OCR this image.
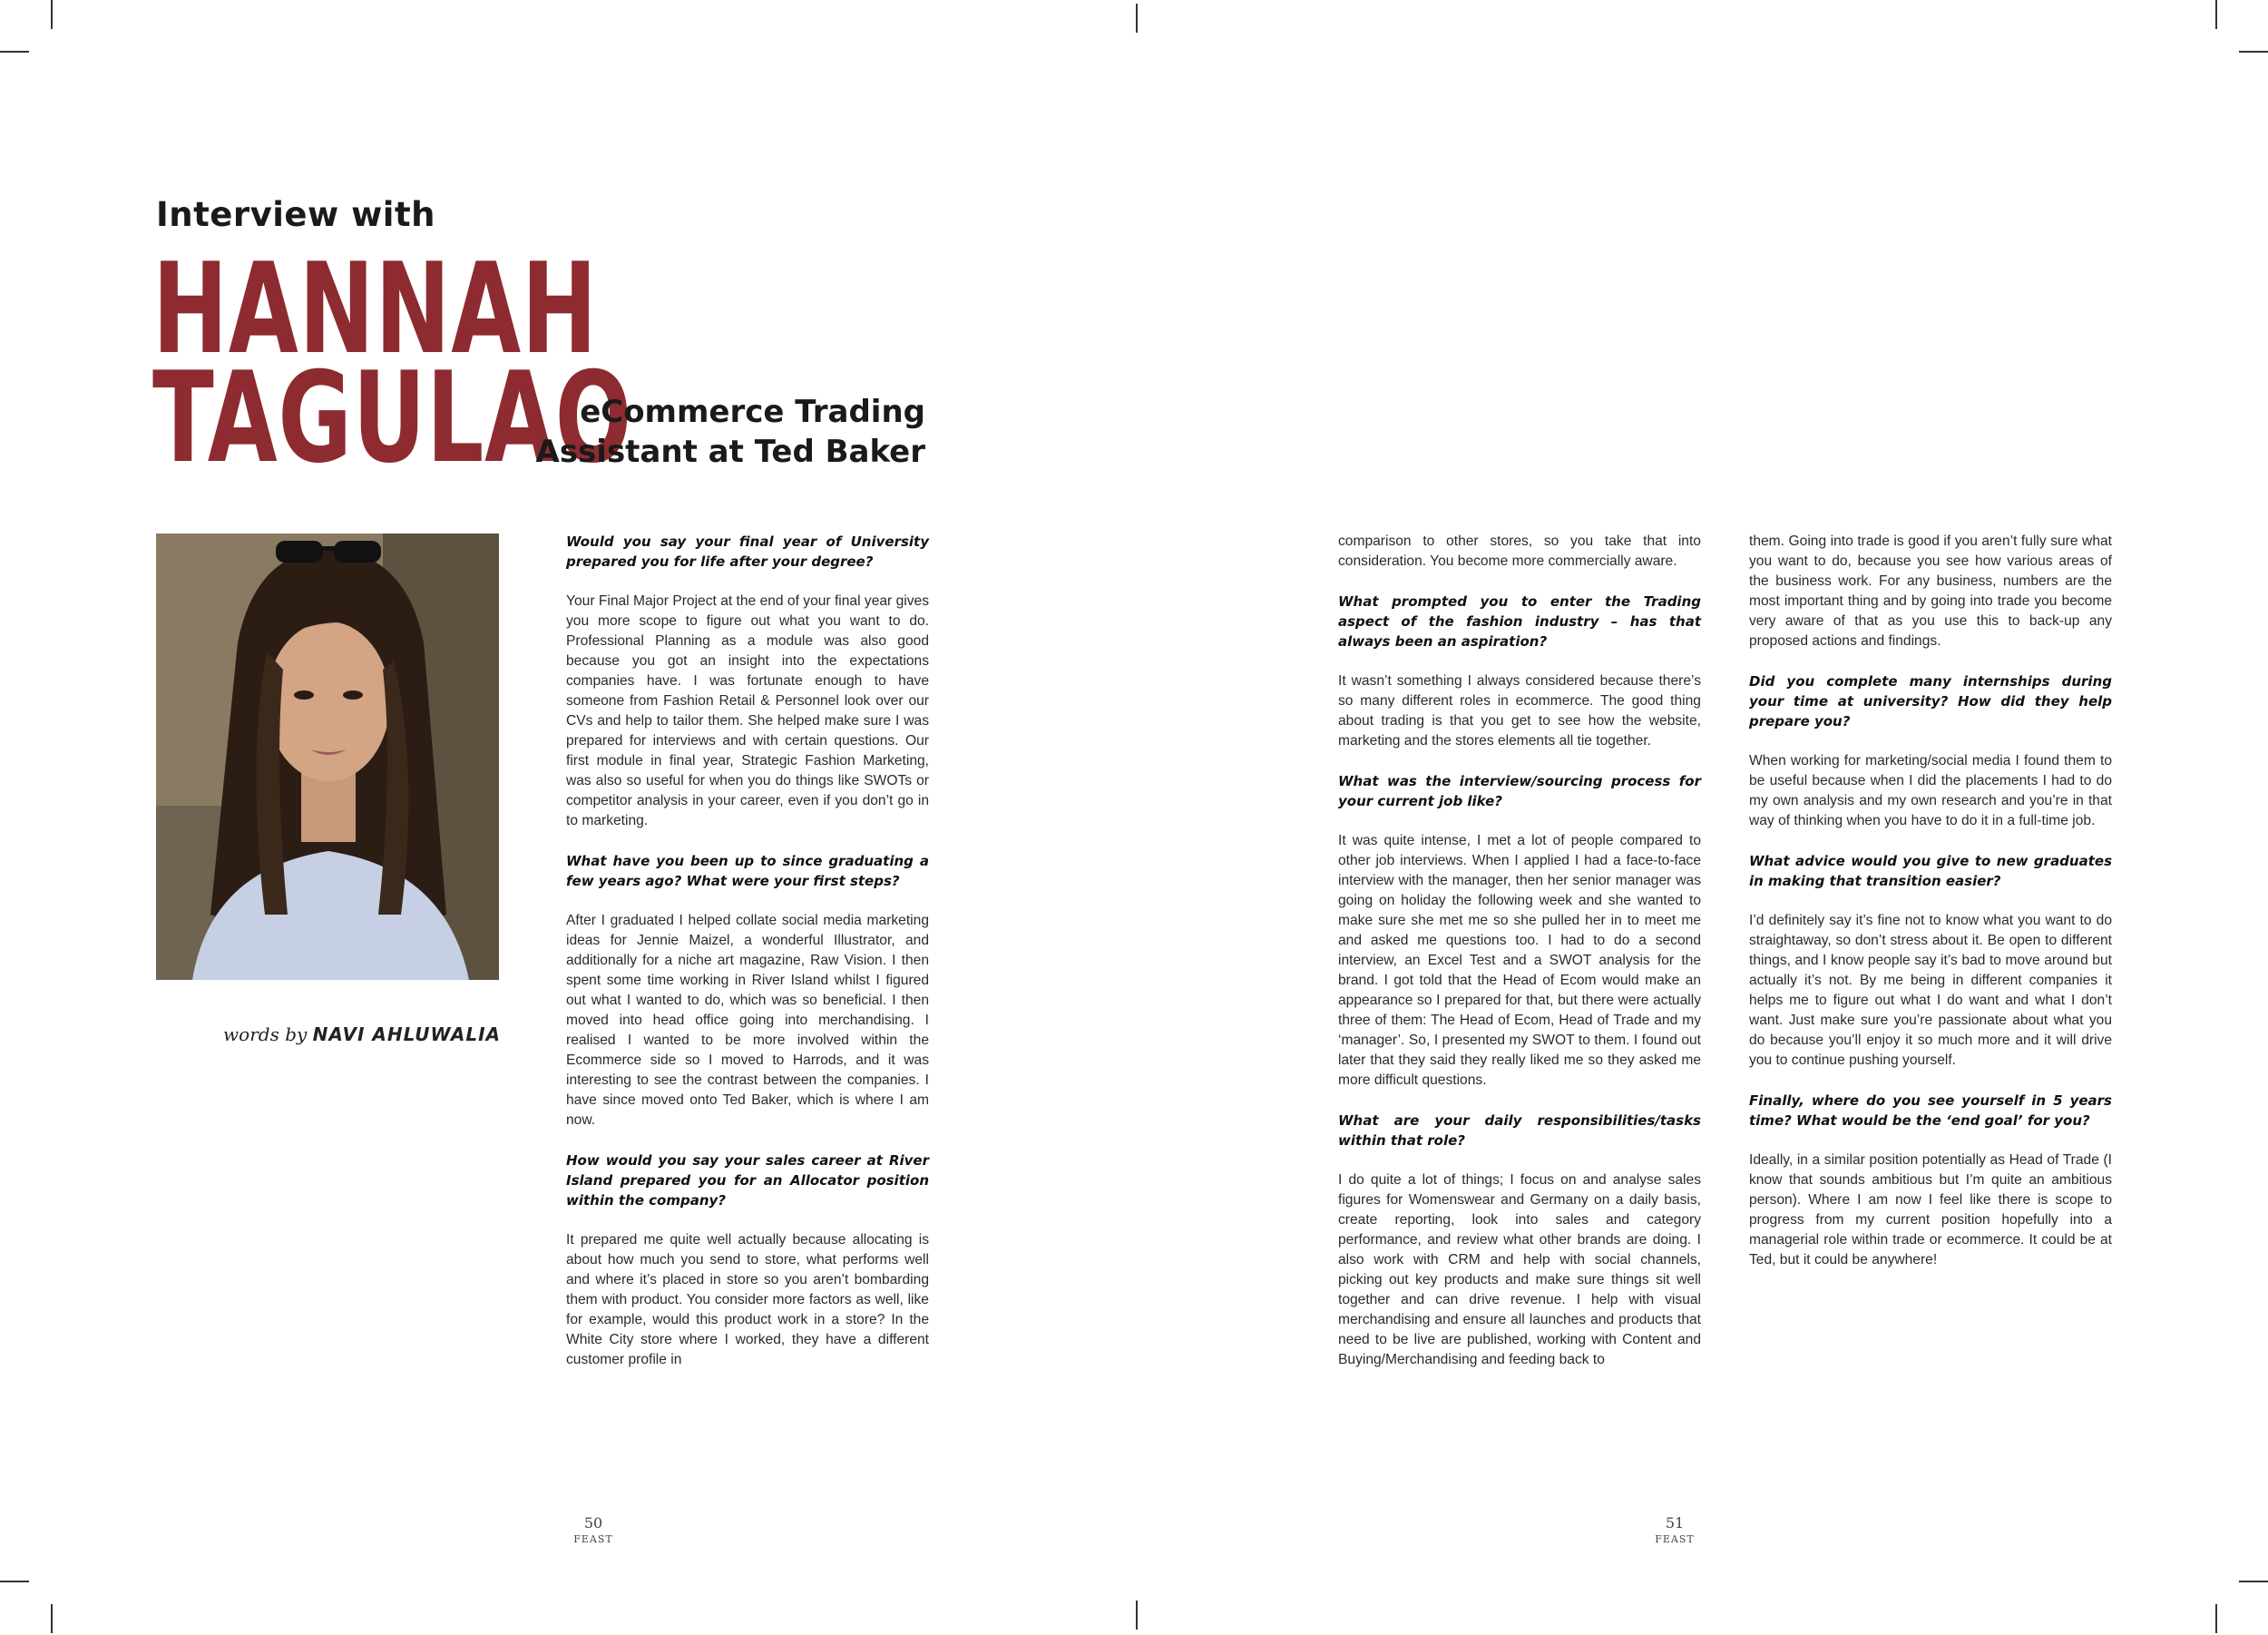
Interview with
HANNAH
TAGULAO
eCommerce Trading Assistant at Ted Baker

words by NAVI AHLUWALIA

Would you say your final year of University prepared you for life after your degree?

Your Final Major Project at the end of your final year gives you more scope to figure out what you want to do. Professional Planning as a module was also good because you got an insight into the expectations companies have. I was fortunate enough to have someone from Fashion Retail & Personnel look over our CVs and help to tailor them. She helped make sure I was prepared for interviews and with certain questions. Our first module in final year, Strategic Fashion Marketing, was also so useful for when you do things like SWOTs or competitor analysis in your career, even if you don’t go in to marketing.

What have you been up to since graduating a few years ago? What were your first steps?

After I graduated I helped collate social media marketing ideas for Jennie Maizel, a wonderful Illustrator, and additionally for a niche art magazine, Raw Vision. I then spent some time working in River Island whilst I figured out what I wanted to do, which was so beneficial. I then moved into head office going into merchandising. I realised I wanted to be more involved within the Ecommerce side so I moved to Harrods, and it was interesting to see the contrast between the companies. I have since moved onto Ted Baker, which is where I am now.

How would you say your sales career at River Island prepared you for an Allocator position within the company?

It prepared me quite well actually because allocating is about how much you send to store, what performs well and where it’s placed in store so you aren’t bombarding them with product. You consider more factors as well, like for example, would this product work in a store? In the White City store where I worked, they have a different customer profile in

comparison to other stores, so you take that into consideration. You become more commercially aware.

What prompted you to enter the Trading aspect of the fashion industry – has that always been an aspiration?

It wasn’t something I always considered because there’s so many different roles in ecommerce. The good thing about trading is that you get to see how the website, marketing and the stores elements all tie together.

What was the interview/sourcing process for your current job like?

It was quite intense, I met a lot of people compared to other job interviews. When I applied I had a face-to-face interview with the manager, then her senior manager was going on holiday the following week and she wanted to make sure she met me so she pulled her in to meet me and asked me questions too. I had to do a second interview, an Excel Test and a SWOT analysis for the brand. I got told that the Head of Ecom would make an appearance so I prepared for that, but there were actually three of them: The Head of Ecom, Head of Trade and my ‘manager’. So, I presented my SWOT to them. I found out later that they said they really liked me so they asked me more difficult questions.

What are your daily responsibilities/tasks within that role?

I do quite a lot of things; I focus on and analyse sales figures for Womenswear and Germany on a daily basis, create reporting, look into sales and category performance, and review what other brands are doing. I also work with CRM and help with social channels, picking out key products and make sure things sit well together and can drive revenue. I help with visual merchandising and ensure all launches and products that need to be live are published, working with Content and Buying/Merchandising and feeding back to

them. Going into trade is good if you aren’t fully sure what you want to do, because you see how various areas of the business work. For any business, numbers are the most important thing and by going into trade you become very aware of that as you use this to back-up any proposed actions and findings.

Did you complete many internships during your time at university? How did they help prepare you?

When working for marketing/social media I found them to be useful because when I did the placements I had to do my own analysis and my own research and you’re in that way of thinking when you have to do it in a full-time job.

What advice would you give to new graduates in making that transition easier?

I’d definitely say it’s fine not to know what you want to do straightaway, so don’t stress about it. Be open to different things, and I know people say it’s bad to move around but actually it’s not. By me being in different companies it helps me to figure out what I do want and what I don’t want. Just make sure you’re passionate about what you do because you’ll enjoy it so much more and it will drive you to continue pushing yourself.

Finally, where do you see yourself in 5 years time? What would be the ‘end goal’ for you?

Ideally, in a similar position potentially as Head of Trade (I know that sounds ambitious but I’m quite an ambitious person). Where I am now I feel like there is scope to progress from my current position hopefully into a managerial role within trade or ecommerce. It could be at Ted, but it could be anywhere!

50
FEAST
51
FEAST
